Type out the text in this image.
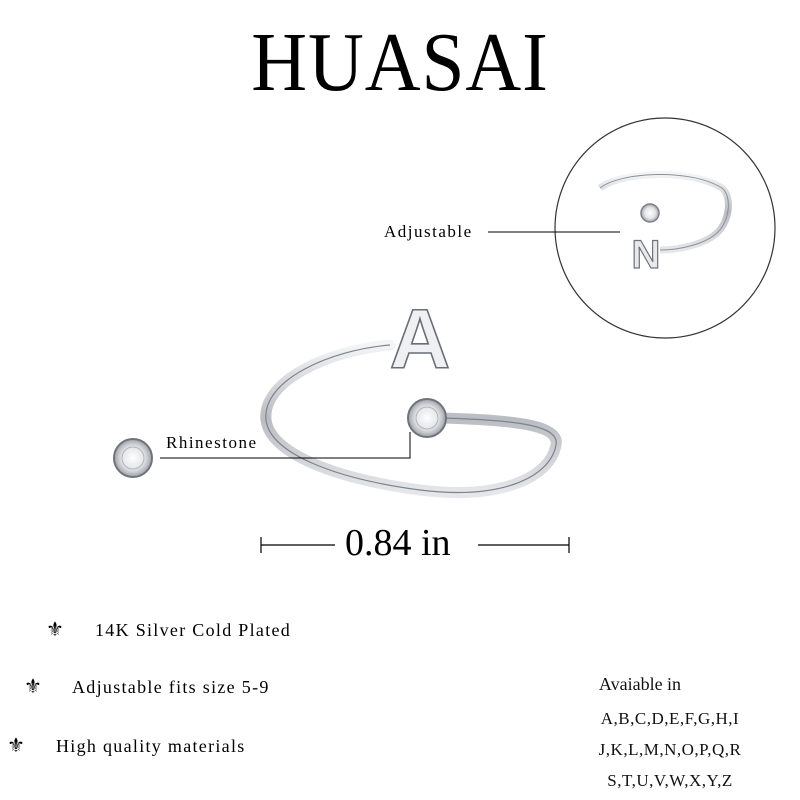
HUASAI
N
A
Adjustable
Rhinestone
0.84 in
⚜ 14K Silver Cold Plated
⚜ Adjustable fits size 5-9
⚜ High quality materials
Avaiable in
A,B,C,D,E,F,G,H,I
J,K,L,M,N,O,P,Q,R
S,T,U,V,W,X,Y,Z
